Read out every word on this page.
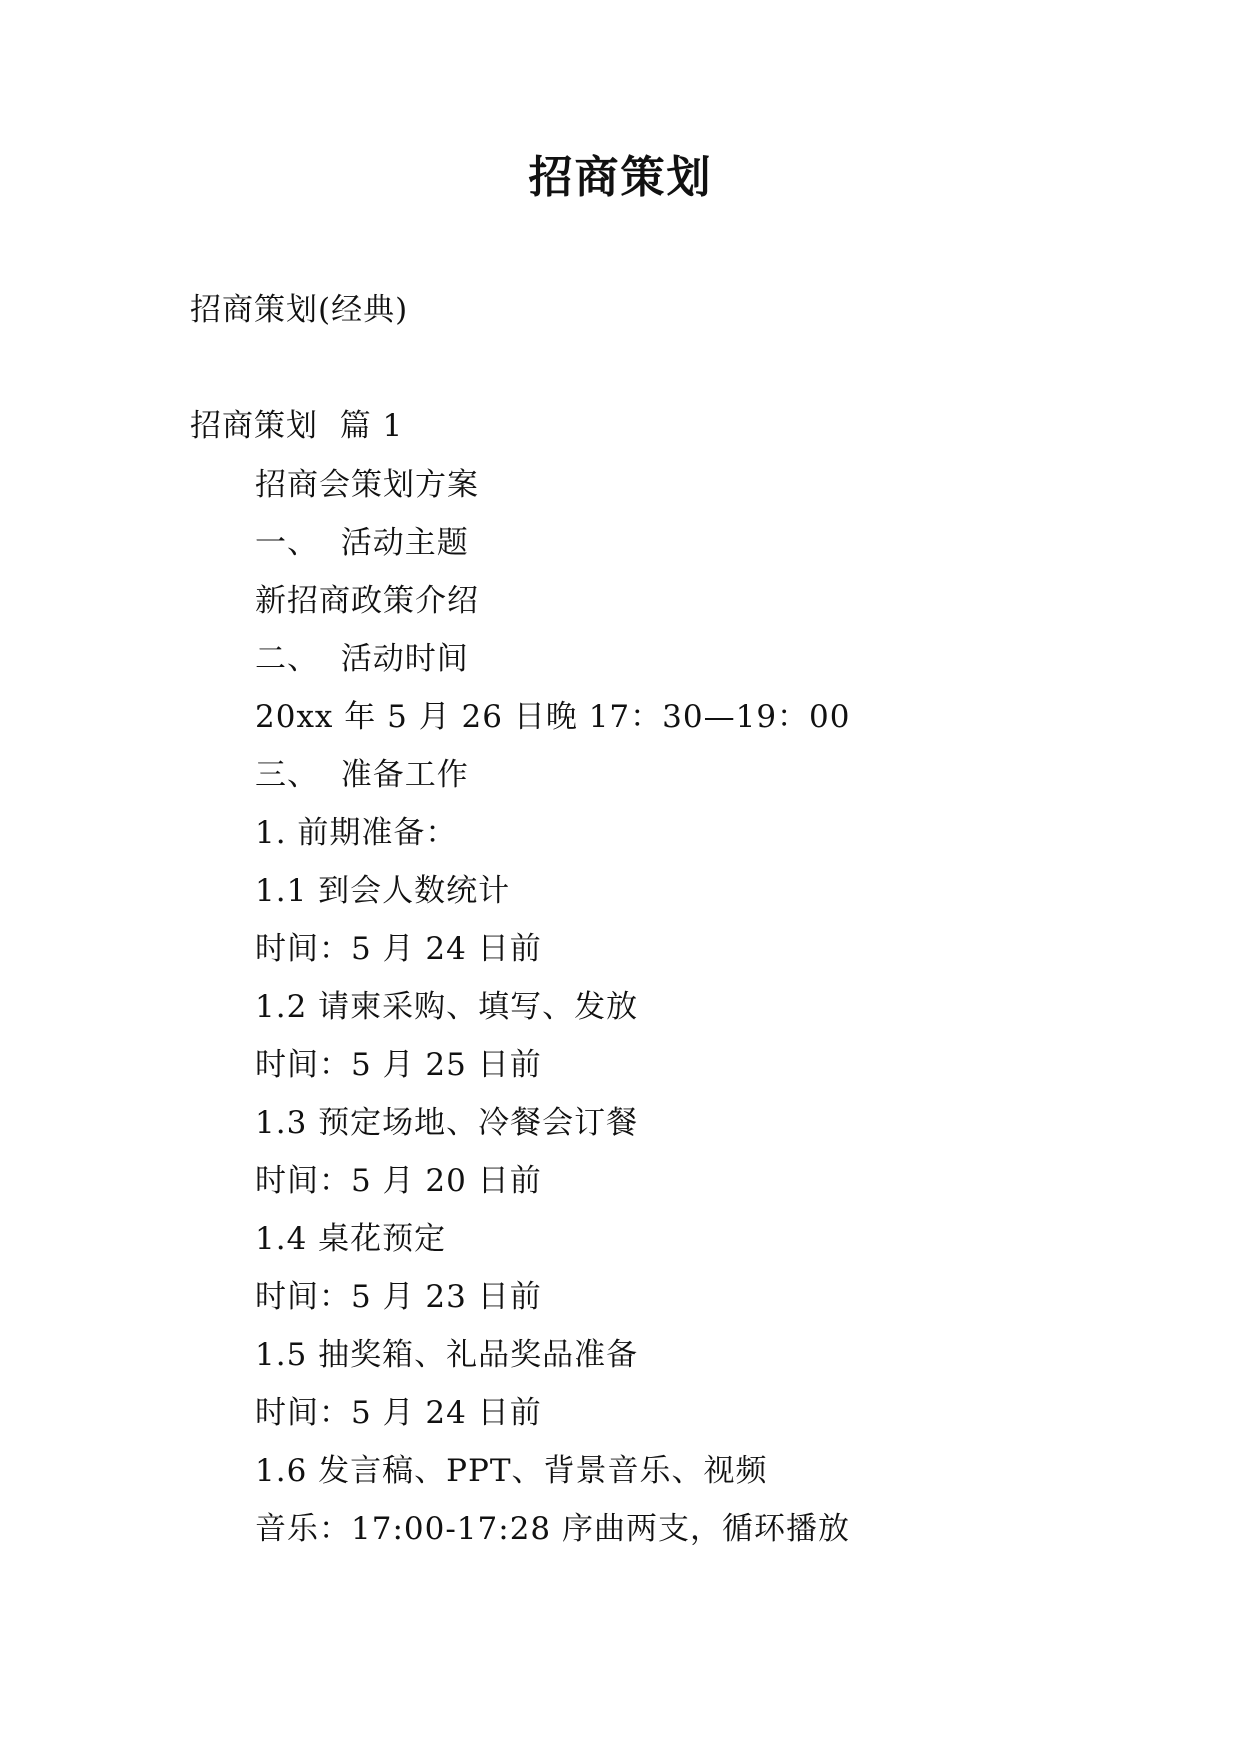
招商策划
招商策划(经典)
招商策划  篇 1
招商会策划方案
一、  活动主题
新招商政策介绍
二、  活动时间
20xx 年 5 月 26 日晚 17：30—19：00
三、  准备工作
1. 前期准备：
1.1 到会人数统计
时间：5 月 24 日前
1.2 请柬采购、填写、发放
时间：5 月 25 日前
1.3 预定场地、冷餐会订餐
时间：5 月 20 日前
1.4 桌花预定
时间：5 月 23 日前
1.5 抽奖箱、礼品奖品准备
时间：5 月 24 日前
1.6 发言稿、PPT、背景音乐、视频
音乐：17:00-17:28 序曲两支，循环播放
